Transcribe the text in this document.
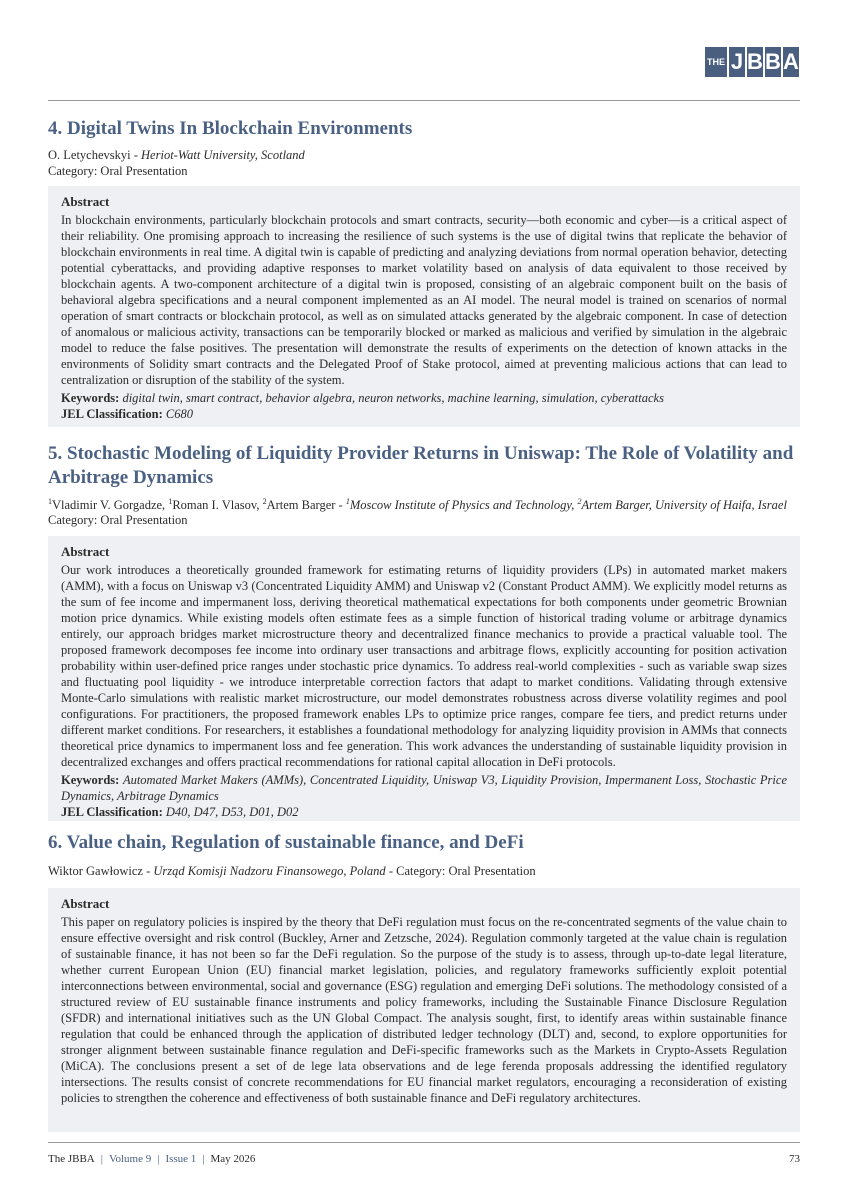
THE J B B A
4. Digital Twins In Blockchain Environments
O. Letychevskyi - Heriot-Watt University, Scotland
Category: Oral Presentation
Abstract
In blockchain environments, particularly blockchain protocols and smart contracts, security—both economic and cyber—is a critical aspect of their reliability. One promising approach to increasing the resilience of such systems is the use of digital twins that replicate the behavior of blockchain environments in real time. A digital twin is capable of predicting and analyzing deviations from normal operation behavior, detecting potential cyberattacks, and providing adaptive responses to market volatility based on analysis of data equivalent to those received by blockchain agents. A two-component architecture of a digital twin is proposed, consisting of an algebraic component built on the basis of behavioral algebra specifications and a neural component implemented as an AI model. The neural model is trained on scenarios of normal operation of smart contracts or blockchain protocol, as well as on simulated attacks generated by the algebraic component. In case of detection of anomalous or malicious activity, transactions can be temporarily blocked or marked as malicious and verified by simulation in the algebraic model to reduce the false positives. The presentation will demonstrate the results of experiments on the detection of known attacks in the environments of Solidity smart contracts and the Delegated Proof of Stake protocol, aimed at preventing malicious actions that can lead to centralization or disruption of the stability of the system.
Keywords: digital twin, smart contract, behavior algebra, neuron networks, machine learning, simulation, cyberattacks
JEL Classification: C680
5. Stochastic Modeling of Liquidity Provider Returns in Uniswap: The Role of Volatility and Arbitrage Dynamics
$^1$Vladimir V. Gorgadze, $^1$Roman I. Vlasov, $^2$Artem Barger - $^1$Moscow Institute of Physics and Technology, $^2$Artem Barger, University of Haifa, Israel
Category: Oral Presentation
Abstract
Our work introduces a theoretically grounded framework for estimating returns of liquidity providers (LPs) in automated market makers (AMM), with a focus on Uniswap v3 (Concentrated Liquidity AMM) and Uniswap v2 (Constant Product AMM). We explicitly model returns as the sum of fee income and impermanent loss, deriving theoretical mathematical expectations for both components under geometric Brownian motion price dynamics. While existing models often estimate fees as a simple function of historical trading volume or arbitrage dynamics entirely, our approach bridges market microstructure theory and decentralized finance mechanics to provide a practical valuable tool. The proposed framework decomposes fee income into ordinary user transactions and arbitrage flows, explicitly accounting for position activation probability within user-defined price ranges under stochastic price dynamics. To address real-world complexities - such as variable swap sizes and fluctuating pool liquidity - we introduce interpretable correction factors that adapt to market conditions. Validating through extensive Monte-Carlo simulations with realistic market microstructure, our model demonstrates robustness across diverse volatility regimes and pool configurations. For practitioners, the proposed framework enables LPs to optimize price ranges, compare fee tiers, and predict returns under different market conditions. For researchers, it establishes a foundational methodology for analyzing liquidity provision in AMMs that connects theoretical price dynamics to impermanent loss and fee generation. This work advances the understanding of sustainable liquidity provision in decentralized exchanges and offers practical recommendations for rational capital allocation in DeFi protocols.
Keywords: Automated Market Makers (AMMs), Concentrated Liquidity, Uniswap V3, Liquidity Provision, Impermanent Loss, Stochastic Price Dynamics, Arbitrage Dynamics
JEL Classification: D40, D47, D53, D01, D02
6. Value chain, Regulation of sustainable finance, and DeFi
Wiktor Gawłowicz - Urząd Komisji Nadzoru Finansowego, Poland - Category: Oral Presentation
Abstract
This paper on regulatory policies is inspired by the theory that DeFi regulation must focus on the re-concentrated segments of the value chain to ensure effective oversight and risk control (Buckley, Arner and Zetzsche, 2024). Regulation commonly targeted at the value chain is regulation of sustainable finance, it has not been so far the DeFi regulation. So the purpose of the study is to assess, through up-to-date legal literature, whether current European Union (EU) financial market legislation, policies, and regulatory frameworks sufficiently exploit potential interconnections between environmental, social and governance (ESG) regulation and emerging DeFi solutions. The methodology consisted of a structured review of EU sustainable finance instruments and policy frameworks, including the Sustainable Finance Disclosure Regulation (SFDR) and international initiatives such as the UN Global Compact. The analysis sought, first, to identify areas within sustainable finance regulation that could be enhanced through the application of distributed ledger technology (DLT) and, second, to explore opportunities for stronger alignment between sustainable finance regulation and DeFi-specific frameworks such as the Markets in Crypto-Assets Regulation (MiCA). The conclusions present a set of de lege lata observations and de lege ferenda proposals addressing the identified regulatory intersections. The results consist of concrete recommendations for EU financial market regulators, encouraging a reconsideration of existing policies to strengthen the coherence and effectiveness of both sustainable finance and DeFi regulatory architectures.
The JBBA | Volume 9 | Issue 1 | May 2026	73
